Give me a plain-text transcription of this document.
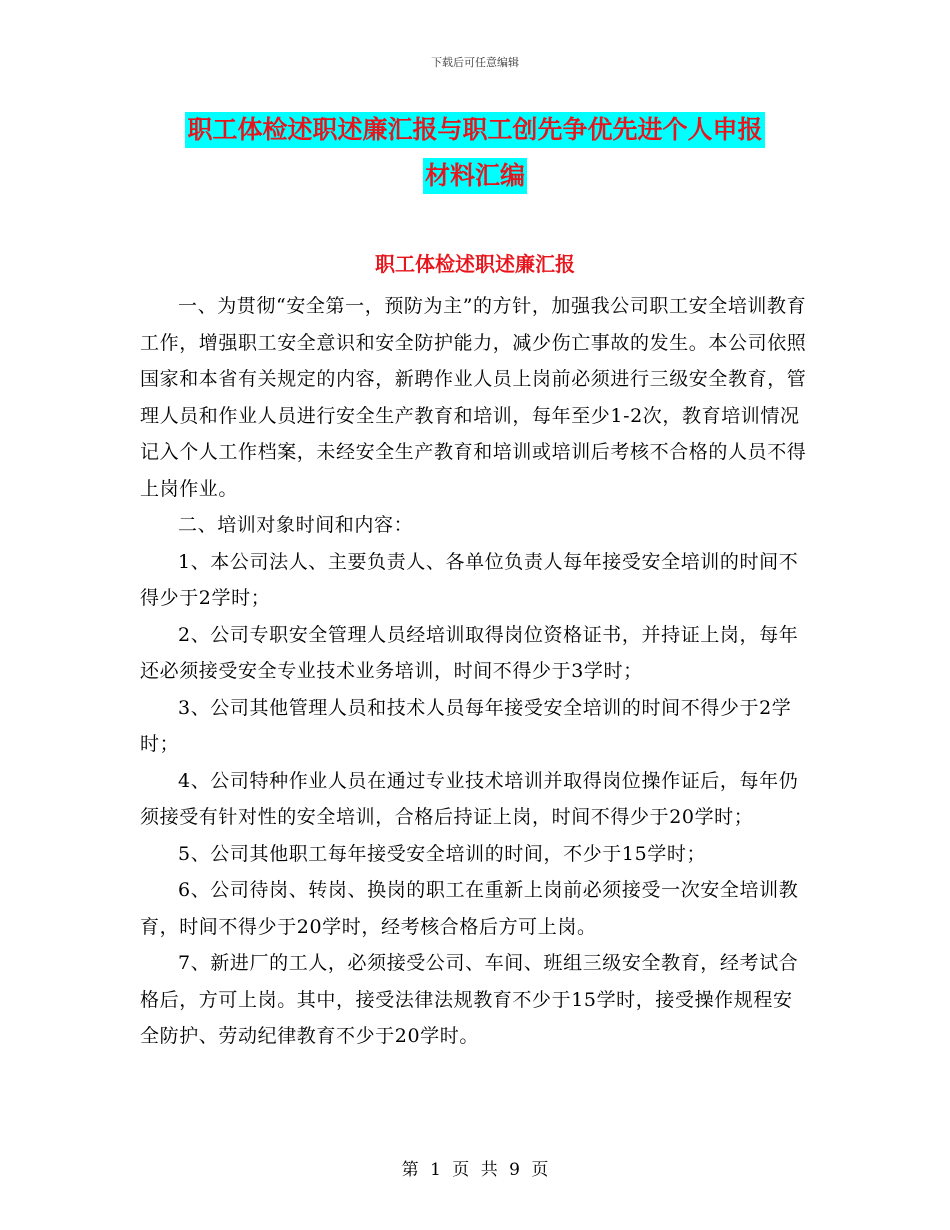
下载后可任意编辑
职工体检述职述廉汇报与职工创先争优先进个人申报
材料汇编
职工体检述职述廉汇报

一、为贯彻“安全第一，预防为主”的方针，加强我公司职工安全培训教育工作，增强职工安全意识和安全防护能力，减少伤亡事故的发生。本公司依照国家和本省有关规定的内容，新聘作业人员上岗前必须进行三级安全教育，管理人员和作业人员进行安全生产教育和培训，每年至少1-2次，教育培训情况记入个人工作档案，未经安全生产教育和培训或培训后考核不合格的人员不得上岗作业。

二、培训对象时间和内容：

1、本公司法人、主要负责人、各单位负责人每年接受安全培训的时间不得少于2学时；

2、公司专职安全管理人员经培训取得岗位资格证书，并持证上岗，每年还必须接受安全专业技术业务培训，时间不得少于3学时；

3、公司其他管理人员和技术人员每年接受安全培训的时间不得少于2学时；

4、公司特种作业人员在通过专业技术培训并取得岗位操作证后，每年仍须接受有针对性的安全培训，合格后持证上岗，时间不得少于20学时；

5、公司其他职工每年接受安全培训的时间，不少于15学时；

6、公司待岗、转岗、换岗的职工在重新上岗前必须接受一次安全培训教育，时间不得少于20学时，经考核合格后方可上岗。

7、新进厂的工人，必须接受公司、车间、班组三级安全教育，经考试合格后，方可上岗。其中，接受法律法规教育不少于15学时，接受操作规程安全防护、劳动纪律教育不少于20学时。

第 1 页 共 9 页
